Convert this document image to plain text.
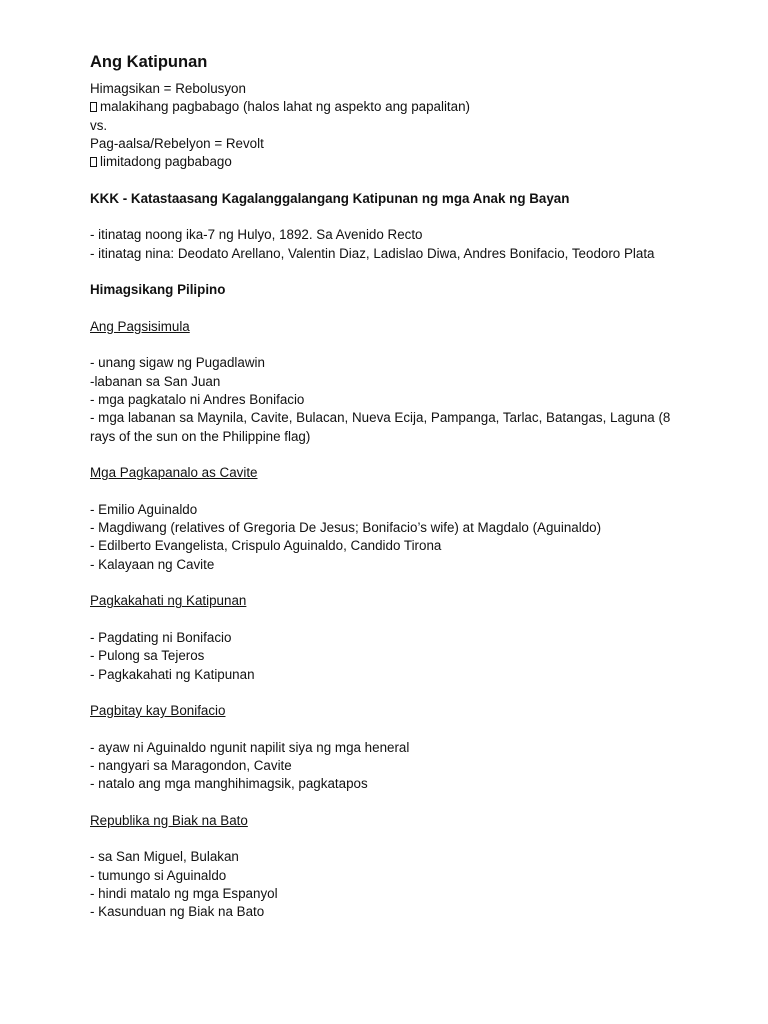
Ang Katipunan
Himagsikan = Rebolusyon
malakihang pagbabago (halos lahat ng aspekto ang papalitan)
vs.
Pag-aalsa/Rebelyon = Revolt
limitadong pagbabago
KKK - Katastaasang Kagalanggalangang Katipunan ng mga Anak ng Bayan
- itinatag noong ika-7 ng Hulyo, 1892. Sa Avenido Recto
- itinatag nina: Deodato Arellano, Valentin Diaz, Ladislao Diwa, Andres Bonifacio, Teodoro Plata
Himagsikang Pilipino
Ang Pagsisimula
- unang sigaw ng Pugadlawin
-labanan sa San Juan
- mga pagkatalo ni Andres Bonifacio
- mga labanan sa Maynila, Cavite, Bulacan, Nueva Ecija, Pampanga, Tarlac, Batangas, Laguna (8 rays of the sun on the Philippine flag)
Mga Pagkapanalo as Cavite
- Emilio Aguinaldo
- Magdiwang (relatives of Gregoria De Jesus; Bonifacio’s wife) at Magdalo (Aguinaldo)
- Edilberto Evangelista, Crispulo Aguinaldo, Candido Tirona
- Kalayaan ng Cavite
Pagkakahati ng Katipunan
- Pagdating ni Bonifacio
- Pulong sa Tejeros
- Pagkakahati ng Katipunan
Pagbitay kay Bonifacio
- ayaw ni Aguinaldo ngunit napilit siya ng mga heneral
- nangyari sa Maragondon, Cavite
- natalo ang mga manghihimagsik, pagkatapos
Republika ng Biak na Bato
- sa San Miguel, Bulakan
- tumungo si Aguinaldo
- hindi matalo ng mga Espanyol
- Kasunduan ng Biak na Bato
